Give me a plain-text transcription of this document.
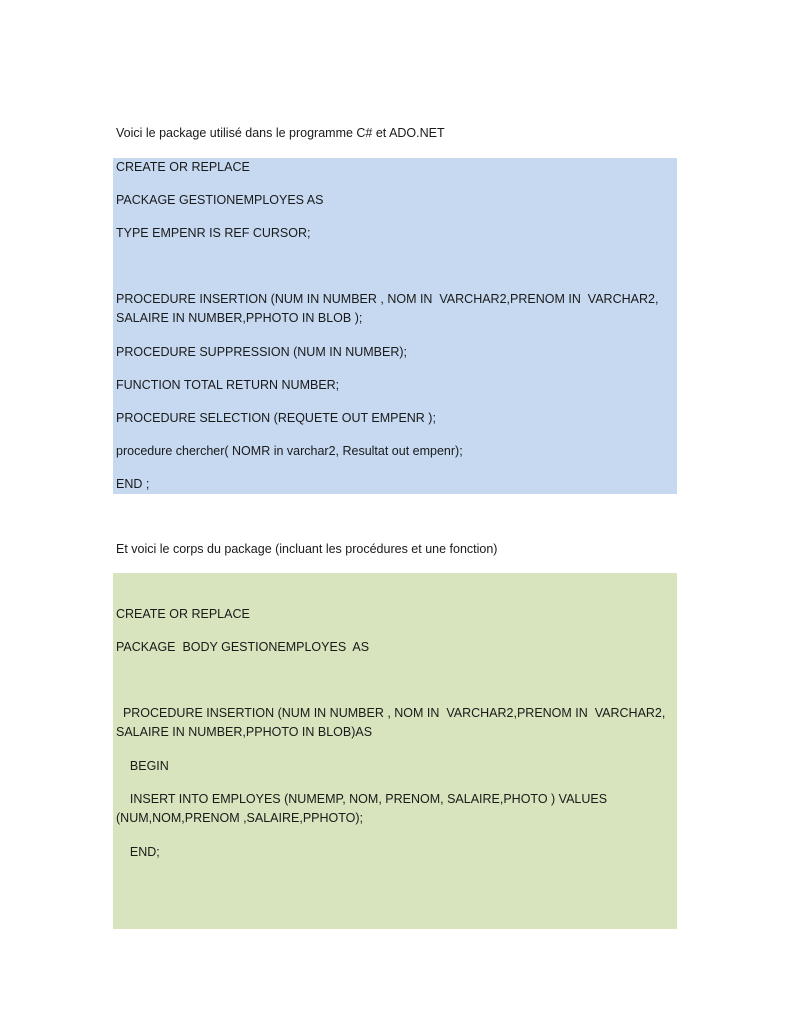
Voici le package utilisé dans le programme C# et ADO.NET

CREATE OR REPLACE

PACKAGE GESTIONEMPLOYES AS

TYPE EMPENR IS REF CURSOR;

PROCEDURE INSERTION (NUM IN NUMBER , NOM IN  VARCHAR2,PRENOM IN  VARCHAR2,

SALAIRE IN NUMBER,PPHOTO IN BLOB );

PROCEDURE SUPPRESSION (NUM IN NUMBER);

FUNCTION TOTAL RETURN NUMBER;

PROCEDURE SELECTION (REQUETE OUT EMPENR );

procedure chercher( NOMR in varchar2, Resultat out empenr);

END ;

Et voici le corps du package (incluant les procédures et une fonction)

CREATE OR REPLACE

PACKAGE  BODY GESTIONEMPLOYES  AS

PROCEDURE INSERTION (NUM IN NUMBER , NOM IN  VARCHAR2,PRENOM IN  VARCHAR2,

SALAIRE IN NUMBER,PPHOTO IN BLOB)AS

BEGIN

INSERT INTO EMPLOYES (NUMEMP, NOM, PRENOM, SALAIRE,PHOTO ) VALUES

(NUM,NOM,PRENOM ,SALAIRE,PPHOTO);

END;
